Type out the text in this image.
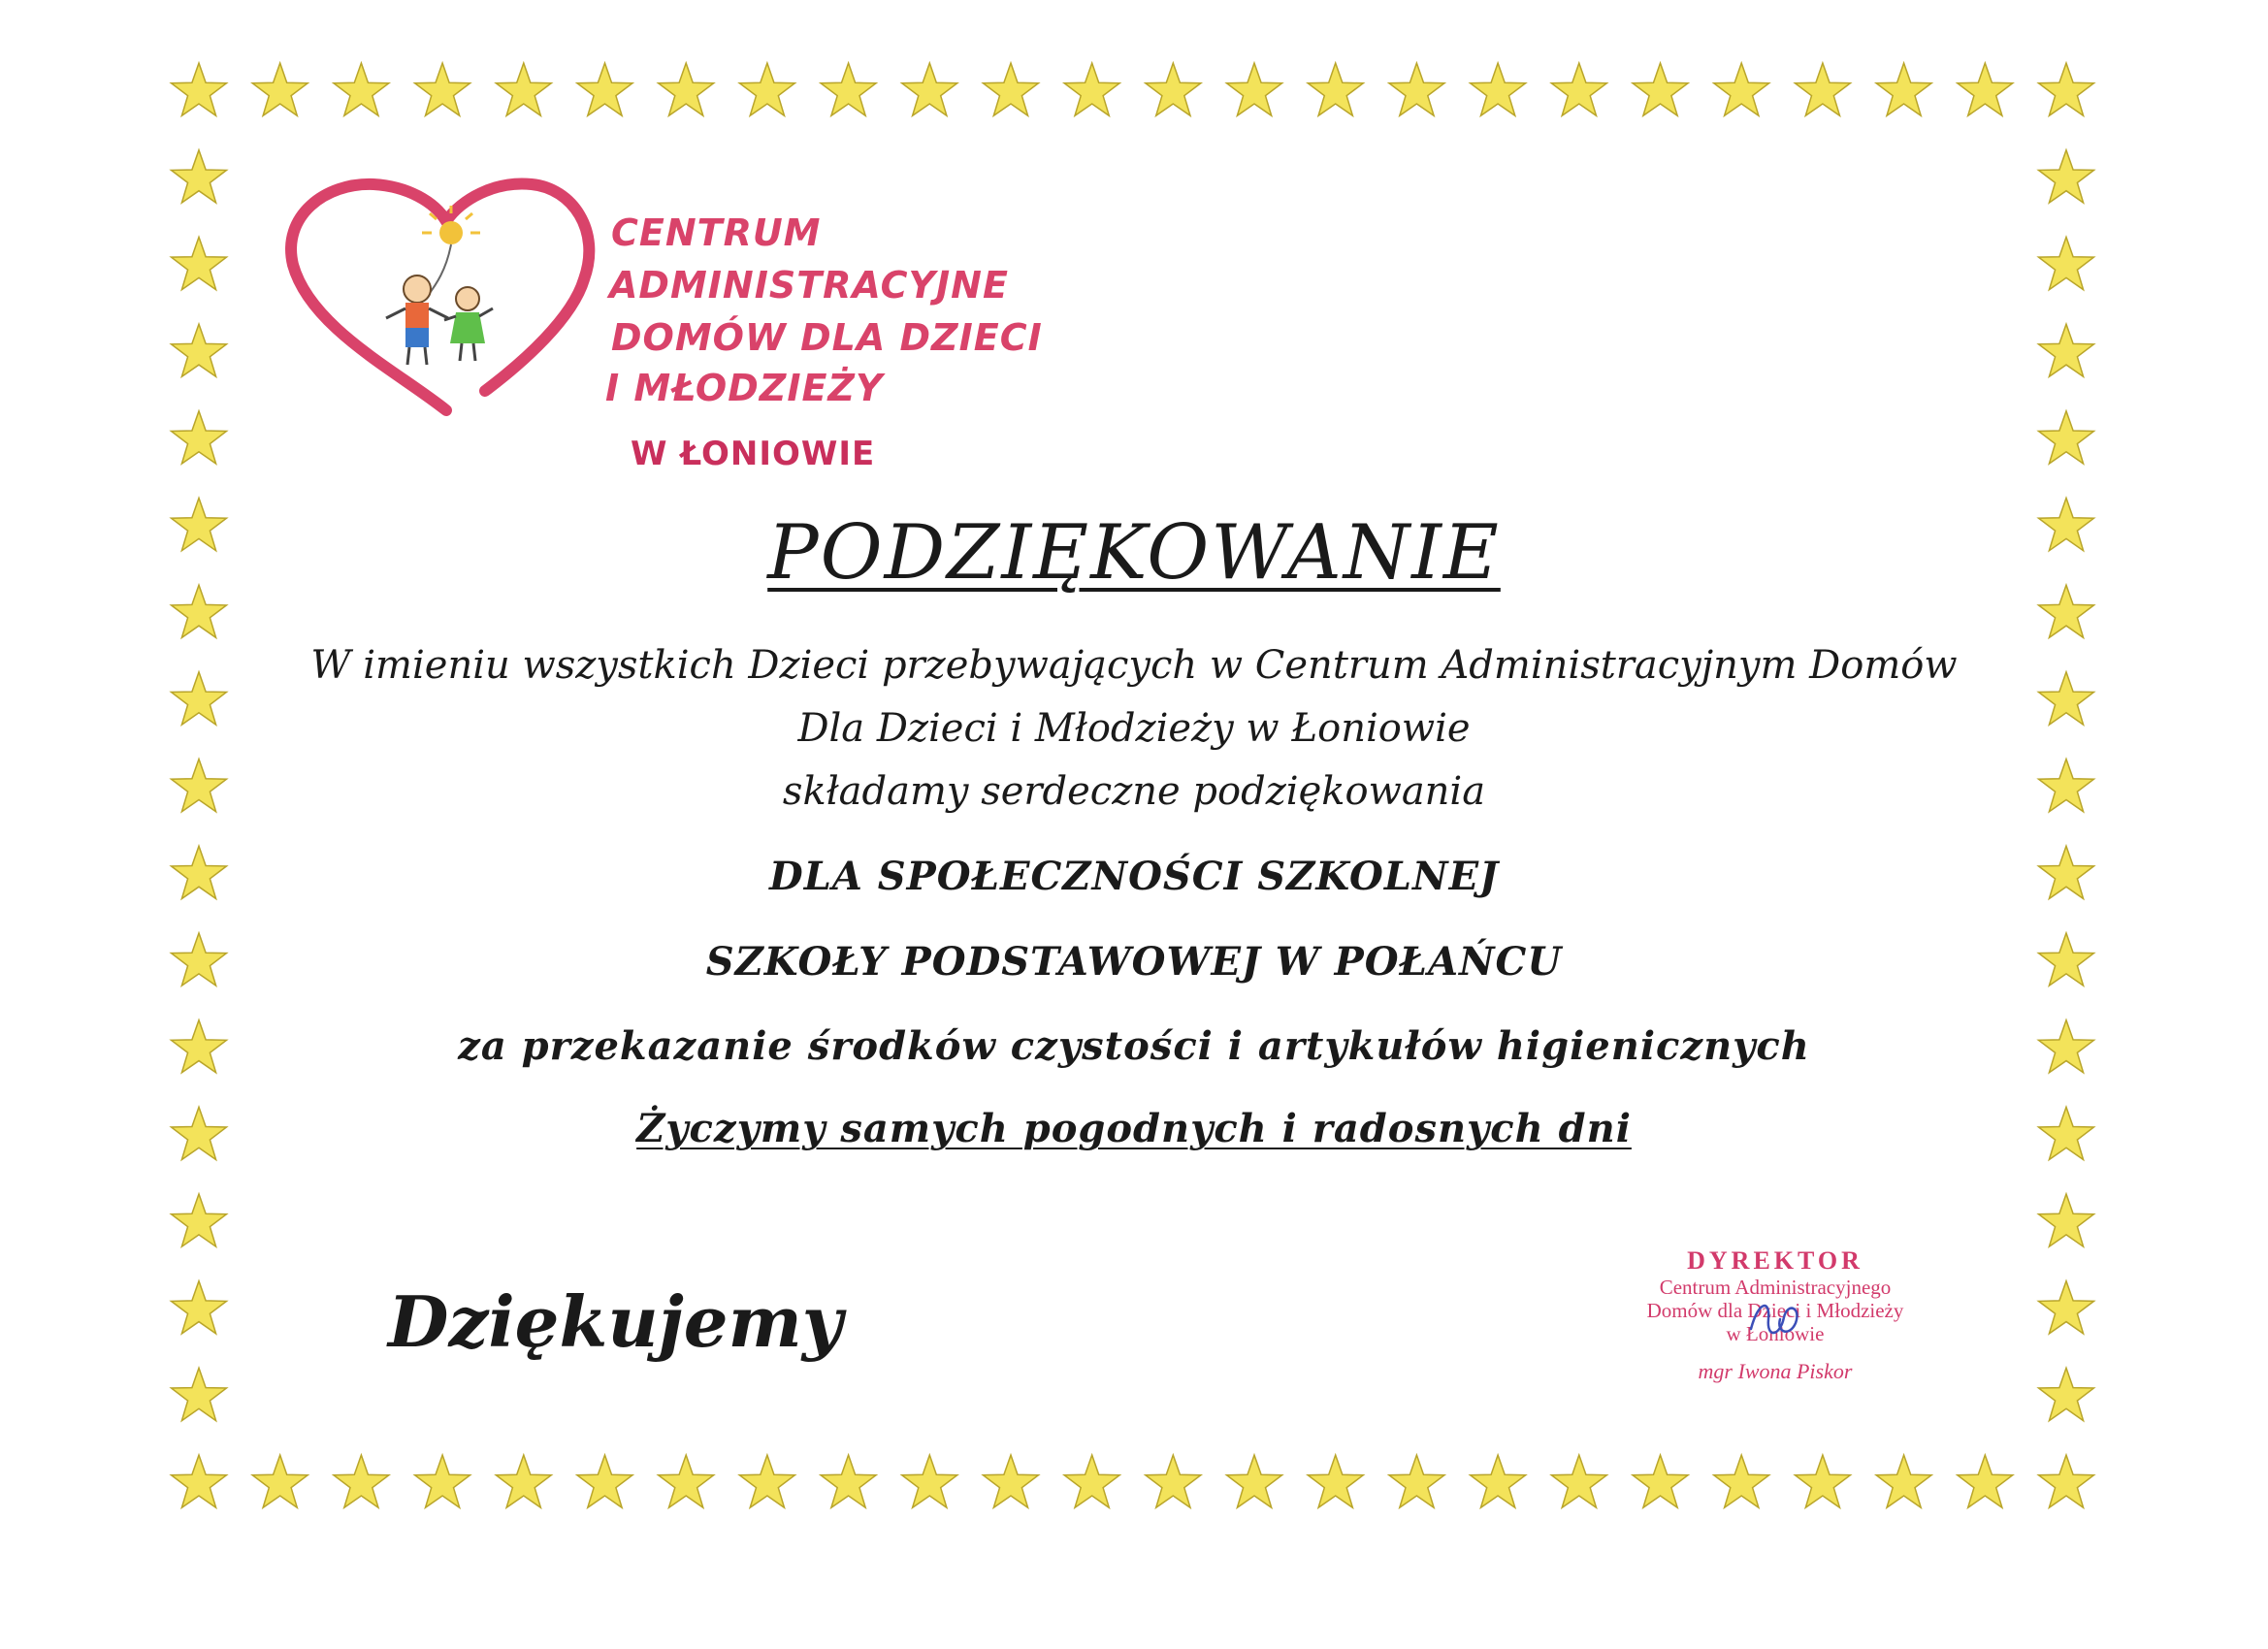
CENTRUM

ADMINISTRACYJNE

DOMÓW DLA DZIECI

I MŁODZIEŻY

W ŁONIOWIE

PODZIĘKOWANIE

W imieniu wszystkich Dzieci przebywających w Centrum Administracyjnym Domów

Dla Dzieci i Młodzieży w Łoniowie

składamy serdeczne podziękowania

DLA SPOŁECZNOŚCI SZKOLNEJ

SZKOŁY PODSTAWOWEJ W POŁAŃCU

za przekazanie środków czystości i artykułów higienicznych

Życzymy samych pogodnych i radosnych dni

Dziękujemy

DYREKTOR

Centrum Administracyjnego

Domów dla Dzieci i Młodzieży

w Łoniowie

mgr Iwona Piskor
